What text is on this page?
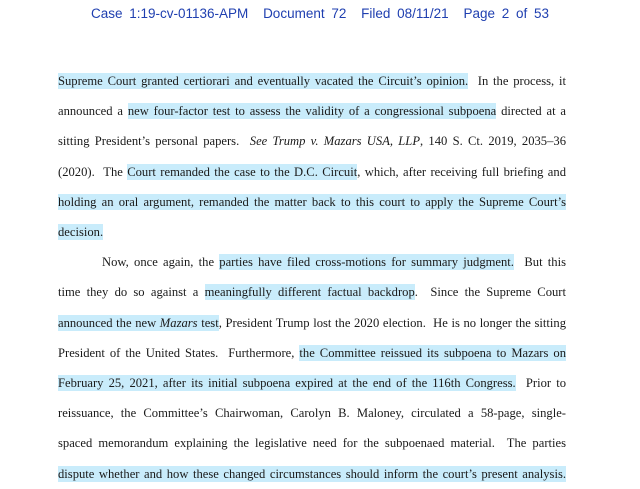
Case 1:19-cv-01136-APM Document 72 Filed 08/11/21 Page 2 of 53
Supreme Court granted certiorari and eventually vacated the Circuit’s opinion.  In the process, it
announced a new four-factor test to assess the validity of a congressional subpoena directed at a
sitting President’s personal papers.  See Trump v. Mazars USA, LLP, 140 S. Ct. 2019, 2035–36
(2020).  The Court remanded the case to the D.C. Circuit, which, after receiving full briefing and
holding an oral argument, remanded the matter back to this court to apply the Supreme Court’s
decision.
Now, once again, the parties have filed cross-motions for summary judgment.  But this
time they do so against a meaningfully different factual backdrop.  Since the Supreme Court
announced the new Mazars test, President Trump lost the 2020 election.  He is no longer the sitting
President of the United States.  Furthermore, the Committee reissued its subpoena to Mazars on
February 25, 2021, after its initial subpoena expired at the end of the 116th Congress.  Prior to
reissuance, the Committee’s Chairwoman, Carolyn B. Maloney, circulated a 58-page, single-
spaced memorandum explaining the legislative need for the subpoenaed material.  The parties
dispute whether and how these changed circumstances should inform the court’s present analysis.
